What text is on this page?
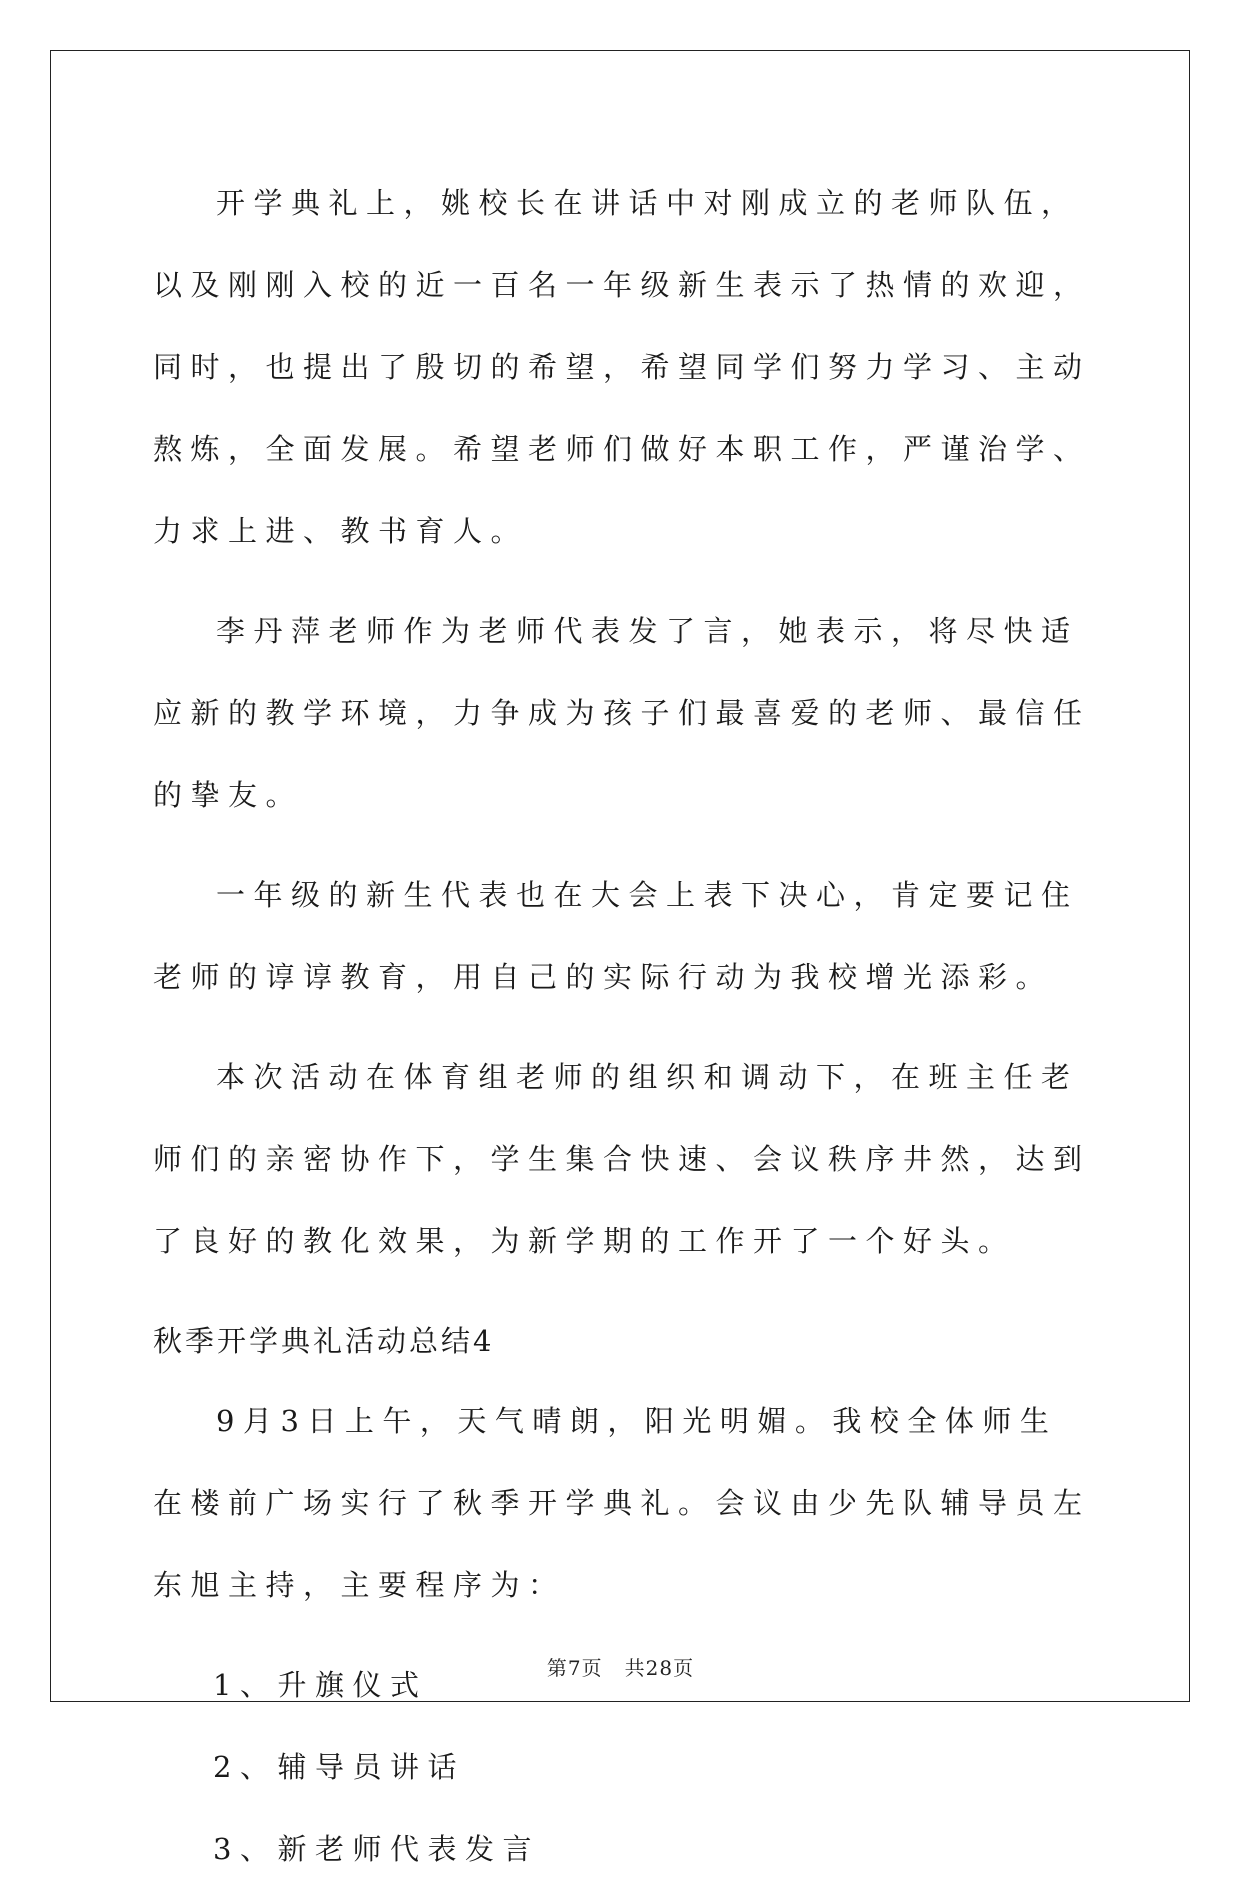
开学典礼上，姚校长在讲话中对刚成立的老师队伍，以及刚刚入校的近一百名一年级新生表示了热情的欢迎，同时，也提出了殷切的希望，希望同学们努力学习、主动熬炼，全面发展。希望老师们做好本职工作，严谨治学、力求上进、教书育人。

李丹萍老师作为老师代表发了言，她表示，将尽快适应新的教学环境，力争成为孩子们最喜爱的老师、最信任的挚友。

一年级的新生代表也在大会上表下决心，肯定要记住老师的谆谆教育，用自己的实际行动为我校增光添彩。

本次活动在体育组老师的组织和调动下，在班主任老师们的亲密协作下，学生集合快速、会议秩序井然，达到了良好的教化效果，为新学期的工作开了一个好头。

秋季开学典礼活动总结4

9月3日上午，天气晴朗，阳光明媚。我校全体师生在楼前广场实行了秋季开学典礼。会议由少先队辅导员左东旭主持，主要程序为：

1、升旗仪式
2、辅导员讲话
3、新老师代表发言
第7页 共28页
